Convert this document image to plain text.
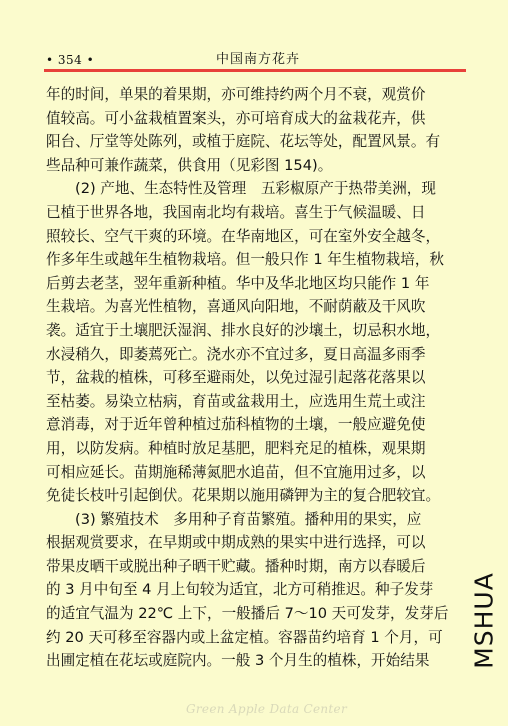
• 354 •	中国南方花卉
年的时间，单果的着果期，亦可维持约两个月不衰，观赏价
值较高。可小盆栽植置案头，亦可培育成大的盆栽花卉，供
阳台、厅堂等处陈列，或植于庭院、花坛等处，配置风景。有
些品种可兼作蔬菜，供食用（见彩图 154)。
(2) 产地、生态特性及管理　五彩椒原产于热带美洲，现
已植于世界各地，我国南北均有栽培。喜生于气候温暖、日
照较长、空气干爽的环境。在华南地区，可在室外安全越冬，
作多年生或越年生植物栽培。但一般只作 1 年生植物栽培，秋
后剪去老茎，翌年重新种植。华中及华北地区均只能作 1 年
生栽培。为喜光性植物，喜通风向阳地，不耐荫蔽及干风吹
袭。适宜于土壤肥沃湿润、排水良好的沙壤土，切忌积水地，
水浸稍久，即萎蔫死亡。浇水亦不宜过多，夏日高温多雨季
节，盆栽的植株，可移至避雨处，以免过湿引起落花落果以
至枯萎。易染立枯病，育苗或盆栽用土，应选用生荒土或注
意消毒，对于近年曾种植过茄科植物的土壤，一般应避免使
用，以防发病。种植时放足基肥，肥料充足的植株，观果期
可相应延长。苗期施稀薄氮肥水追苗，但不宜施用过多，以
免徒长枝叶引起倒伏。花果期以施用磷钾为主的复合肥较宜。
(3) 繁殖技术　多用种子育苗繁殖。播种用的果实，应
根据观赏要求，在早期或中期成熟的果实中进行选择，可以
带果皮晒干或脱出种子晒干贮藏。播种时期，南方以春暖后
的 3 月中旬至 4 月上旬较为适宜，北方可稍推迟。种子发芽
的适宜气温为 22℃ 上下，一般播后 7～10 天可发芽，发芽后
约 20 天可移至容器内或上盆定植。容器苗约培育 1 个月，可
出圃定植在花坛或庭院内。一般 3 个月生的植株，开始结果	MSHUA
Green Apple Data Center
